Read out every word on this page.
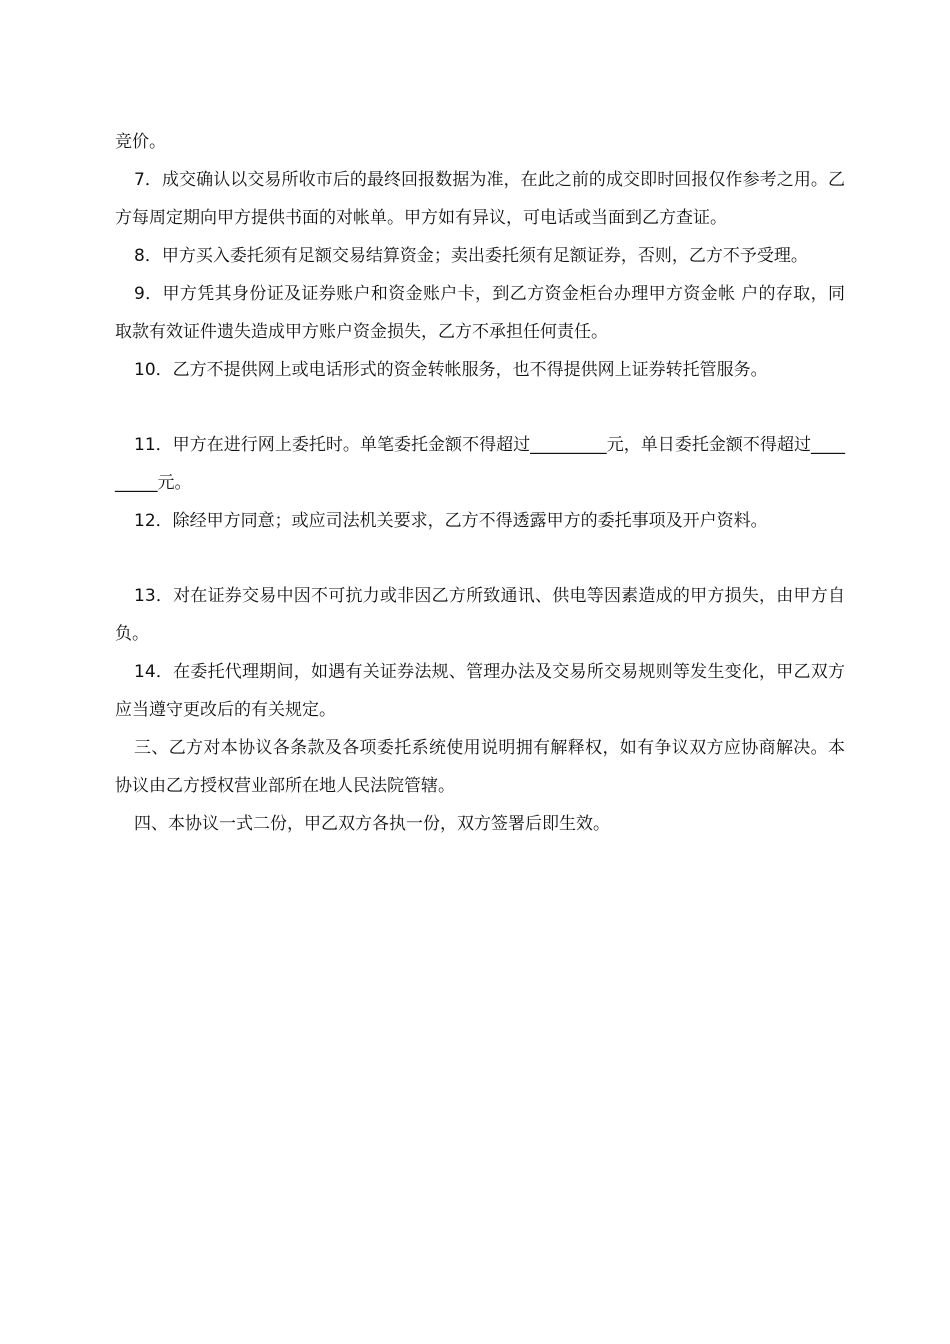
竞价。

7．成交确认以交易所收市后的最终回报数据为准，在此之前的成交即时回报仅作参考之用。乙方每周定期向甲方提供书面的对帐单。甲方如有异议，可电话或当面到乙方查证。

8．甲方买入委托须有足额交易结算资金；卖出委托须有足额证券，否则，乙方不予受理。

9．甲方凭其身份证及证券账户和资金账户卡，到乙方资金柜台办理甲方资金帐 户的存取，同取款有效证件遗失造成甲方账户资金损失，乙方不承担任何责任。

10．乙方不提供网上或电话形式的资金转帐服务，也不得提供网上证券转托管服务。

11．甲方在进行网上委托时。单笔委托金额不得超过_________元，单日委托金额不得超过_________元。

12．除经甲方同意；或应司法机关要求，乙方不得透露甲方的委托事项及开户资料。

13．对在证券交易中因不可抗力或非因乙方所致通讯、供电等因素造成的甲方损失，由甲方自负。

14．在委托代理期间，如遇有关证券法规、管理办法及交易所交易规则等发生变化，甲乙双方应当遵守更改后的有关规定。

三、乙方对本协议各条款及各项委托系统使用说明拥有解释权，如有争议双方应协商解决。本协议由乙方授权营业部所在地人民法院管辖。

四、本协议一式二份，甲乙双方各执一份，双方签署后即生效。
